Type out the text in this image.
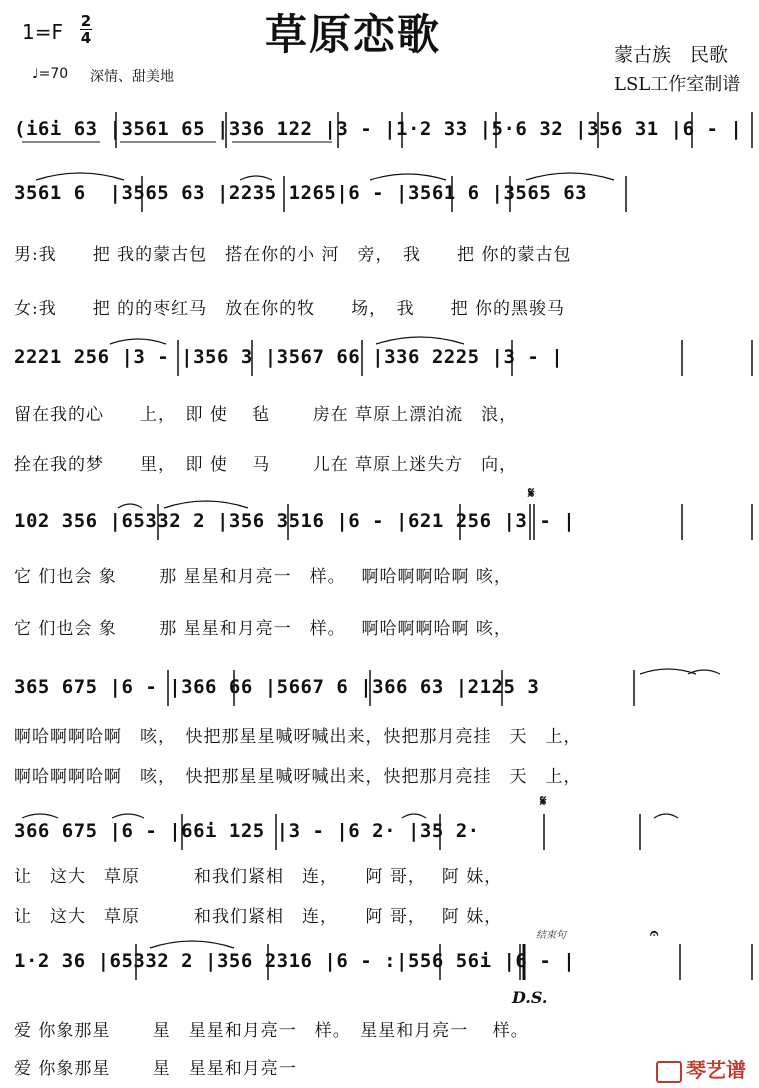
草原恋歌
1=F 2
4
♩=70 深情、甜美地
蒙古族　民歌
LSL工作室制谱
(i6i 63 |3561 65 |336 122 |3 - |1·2 33 |5·6 32 |356 31 |6 - |
3561 6  |3565 63 |2235 1265|6 - |3561 6 |3565 63
男:我　　把 我的蒙古包　搭在你的小 河　旁，　我　　把 你的蒙古包
女:我　　把 的的枣红马　放在你的牧　　场，　我　　把 你的黑骏马
2221 256 |3 - |356 3 |3567 66 |336 2225 |3 - |
留在我的心　　上，　即 使　 毡　　 房在 草原上漂泊流　浪，
拴在我的梦　　里，　即 使　 马　　 儿在 草原上迷失方　向，
𝄋
102 356 |65332 2 |356 3516 |6 - |621 256 |3 - |
它 们也会 象　　 那 星星和月亮一　样。　 啊哈啊啊哈啊 咳，
它 们也会 象　　 那 星星和月亮一　样。　 啊哈啊啊哈啊 咳，
365 675 |6 - |366 66 |5667 6 |366 63 |2125 3
啊哈啊啊哈啊　咳，　快把那星星喊呀喊出来，快把那月亮挂　天　上，
啊哈啊啊哈啊　咳，　快把那星星喊呀喊出来，快把那月亮挂　天　上，
𝄋
366 675 |6 - |66i 125 |3 - |6 2· |35 2·
让　这大　草原　　　和我们紧相　连，　　阿 哥，　 阿 妹，
让　这大　草原　　　和我们紧相　连，　　阿 哥，　 阿 妹，
结束句	𝄐
1·2 36 |65332 2 |356 2316 |6 - :|556 56i |6 - |
D.S.
爱 你象那星　　 星　星星和月亮一　样。　星星和月亮一　 样。
爱 你象那星　　 星　星星和月亮一	琴艺谱
